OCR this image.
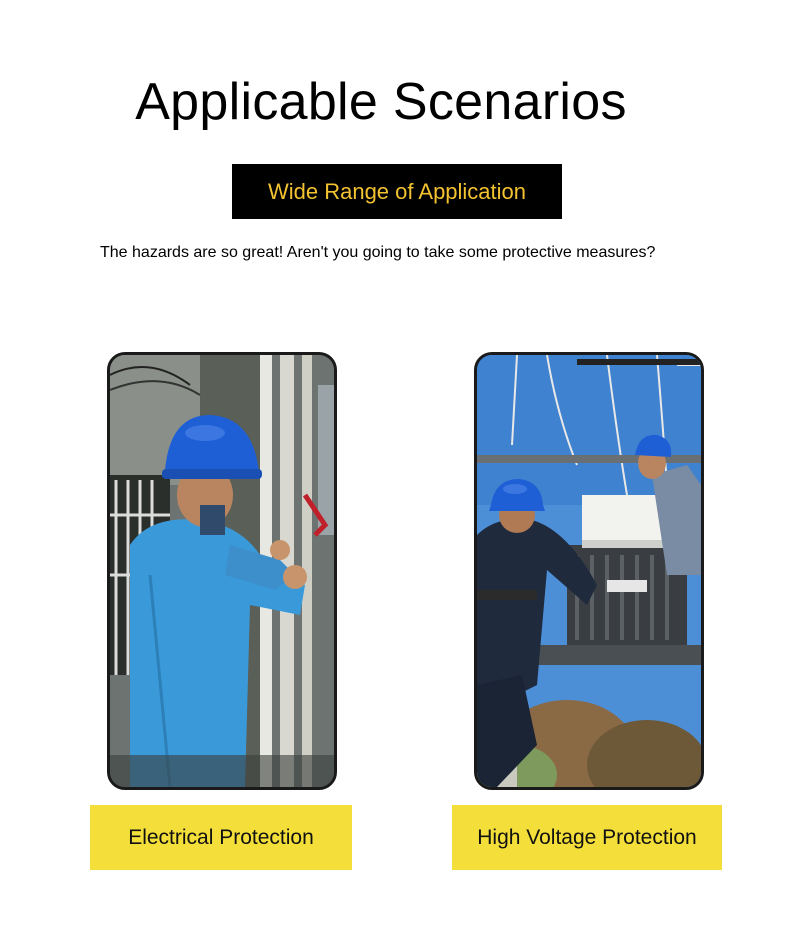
Applicable Scenarios
Wide Range of Application
The hazards are so great! Aren't you going to take some protective measures?
Electrical Protection	High Voltage Protection
